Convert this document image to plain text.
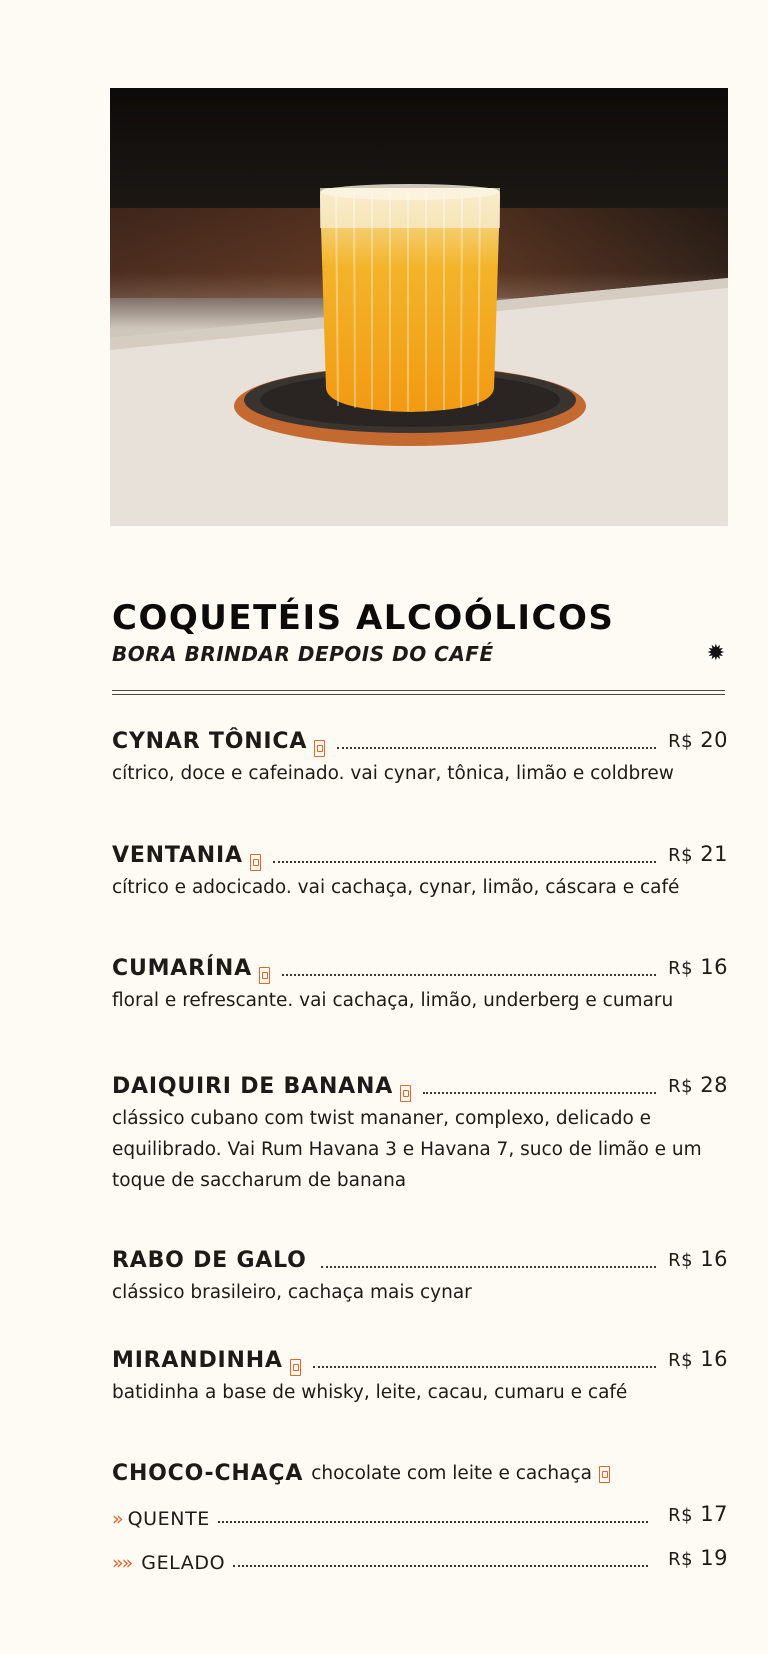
COQUETÉIS ALCOÓLICOS
BORA BRINDAR DEPOIS DO CAFÉ	✹
CYNAR TÔNICA	R$ 20
cítrico, doce e cafeinado. vai cynar, tônica, limão e coldbrew
VENTANIA	R$ 21
cítrico e adocicado. vai cachaça, cynar, limão, cáscara e café
CUMARÍNA	R$ 16
floral e refrescante. vai cachaça, limão, underberg e cumaru
DAIQUIRI DE BANANA	R$ 28
clássico cubano com twist mananer, complexo, delicado e equilibrado. Vai Rum Havana 3 e Havana 7, suco de limão e um toque de saccharum de banana
RABO DE GALO	R$ 16
clássico brasileiro, cachaça mais cynar
MIRANDINHA	R$ 16
batidinha a base de whisky, leite, cacau, cumaru e café
CHOCO-CHAÇA chocolate com leite e cachaça
» QUENTE	R$ 17
»» GELADO	R$ 19
